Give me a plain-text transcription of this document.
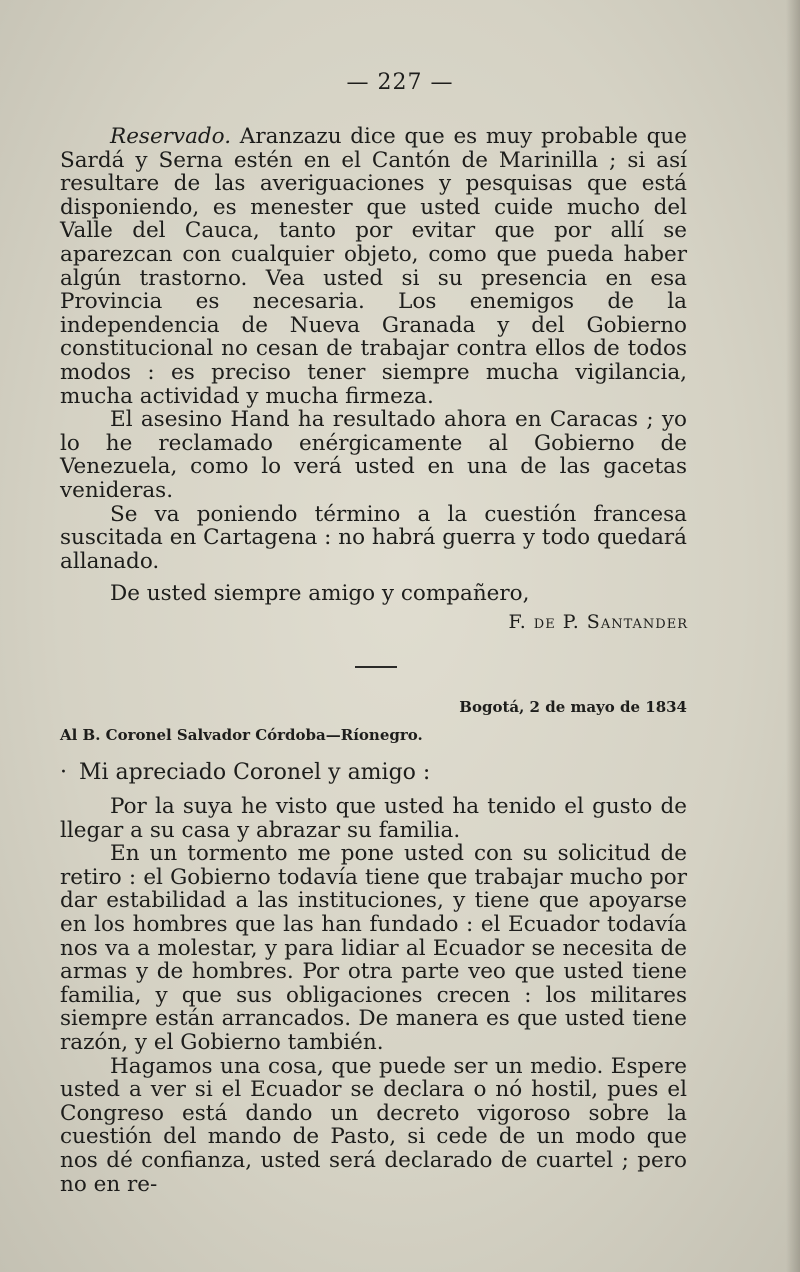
— 227 —

Reservado. Aranzazu dice que es muy probable que Sardá y Serna estén en el Cantón de Marinilla ; si así resultare de las averiguaciones y pesquisas que está disponiendo, es menester que usted cuide mucho del Valle del Cauca, tanto por evitar que por allí se aparezcan con cualquier objeto, como que pueda haber algún trastorno. Vea usted si su presencia en esa Provincia es necesaria. Los enemigos de la independencia de Nueva Granada y del Gobierno constitucional no cesan de trabajar contra ellos de todos modos : es preciso tener siempre mucha vigilancia, mucha actividad y mucha firmeza.

El asesino Hand ha resultado ahora en Caracas ; yo lo he reclamado enérgicamente al Gobierno de Venezuela, como lo verá usted en una de las gacetas venideras.

Se va poniendo término a la cuestión francesa suscitada en Cartagena : no habrá guerra y todo quedará allanado.

De usted siempre amigo y compañero,

F. de P. Santander
Bogotá, 2 de mayo de 1834
Al B. Coronel Salvador Córdoba—Ríonegro.
· Mi apreciado Coronel y amigo :

Por la suya he visto que usted ha tenido el gusto de llegar a su casa y abrazar su familia.

En un tormento me pone usted con su solicitud de retiro : el Gobierno todavía tiene que trabajar mucho por dar estabilidad a las instituciones, y tiene que apoyarse en los hombres que las han fundado : el Ecuador todavía nos va a molestar, y para lidiar al Ecuador se necesita de armas y de hombres. Por otra parte veo que usted tiene familia, y que sus obligaciones crecen : los militares siempre están arrancados. De manera es que usted tiene razón, y el Gobierno también.

Hagamos una cosa, que puede ser un medio. Espere usted a ver si el Ecuador se declara o nó hostil, pues el Congreso está dando un decreto vigoroso sobre la cuestión del mando de Pasto, si cede de un modo que nos dé confianza, usted será declarado de cuartel ; pero no en re-
